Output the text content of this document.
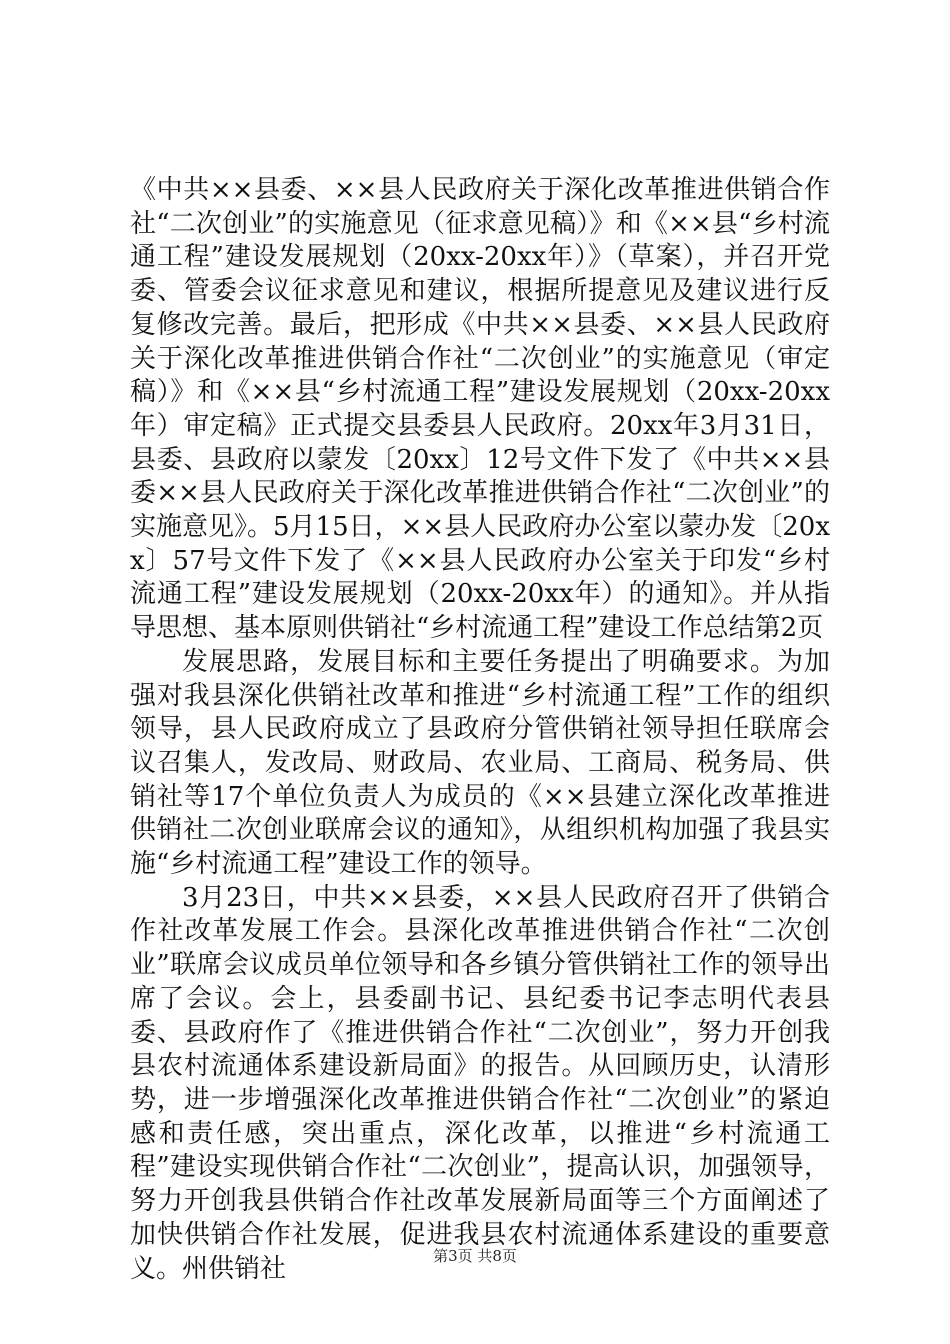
《中共××县委、××县人民政府关于深化改革推进供销合作社“二次创业”的实施意见（征求意见稿）》和《××县“乡村流通工程”建设发展规划（20xx-20xx年）》（草案），并召开党委、管委会议征求意见和建议，根据所提意见及建议进行反复修改完善。最后，把形成《中共××县委、××县人民政府关于深化改革推进供销合作社“二次创业”的实施意见（审定稿）》和《××县“乡村流通工程”建设发展规划（20xx-20xx年）审定稿》正式提交县委县人民政府。20xx年3月31日，县委、县政府以蒙发〔20xx〕12号文件下发了《中共××县委××县人民政府关于深化改革推进供销合作社“二次创业”的实施意见》。5月15日，××县人民政府办公室以蒙办发〔20xx〕57号文件下发了《××县人民政府办公室关于印发“乡村流通工程”建设发展规划（20xx-20xx年）的通知》。并从指导思想、基本原则供销社“乡村流通工程”建设工作总结第2页

发展思路，发展目标和主要任务提出了明确要求。为加强对我县深化供销社改革和推进“乡村流通工程”工作的组织领导，县人民政府成立了县政府分管供销社领导担任联席会议召集人，发改局、财政局、农业局、工商局、税务局、供销社等17个单位负责人为成员的《××县建立深化改革推进供销社二次创业联席会议的通知》，从组织机构加强了我县实施“乡村流通工程”建设工作的领导。

3月23日，中共××县委，××县人民政府召开了供销合作社改革发展工作会。县深化改革推进供销合作社“二次创业”联席会议成员单位领导和各乡镇分管供销社工作的领导出席了会议。会上，县委副书记、县纪委书记李志明代表县委、县政府作了《推进供销合作社“二次创业”，努力开创我县农村流通体系建设新局面》的报告。从回顾历史，认清形势，进一步增强深化改革推进供销合作社“二次创业”的紧迫感和责任感，突出重点，深化改革，以推进“乡村流通工程”建设实现供销合作社“二次创业”，提高认识，加强领导，努力开创我县供销合作社改革发展新局面等三个方面阐述了加快供销合作社发展，促进我县农村流通体系建设的重要意义。州供销社	第3页 共8页
